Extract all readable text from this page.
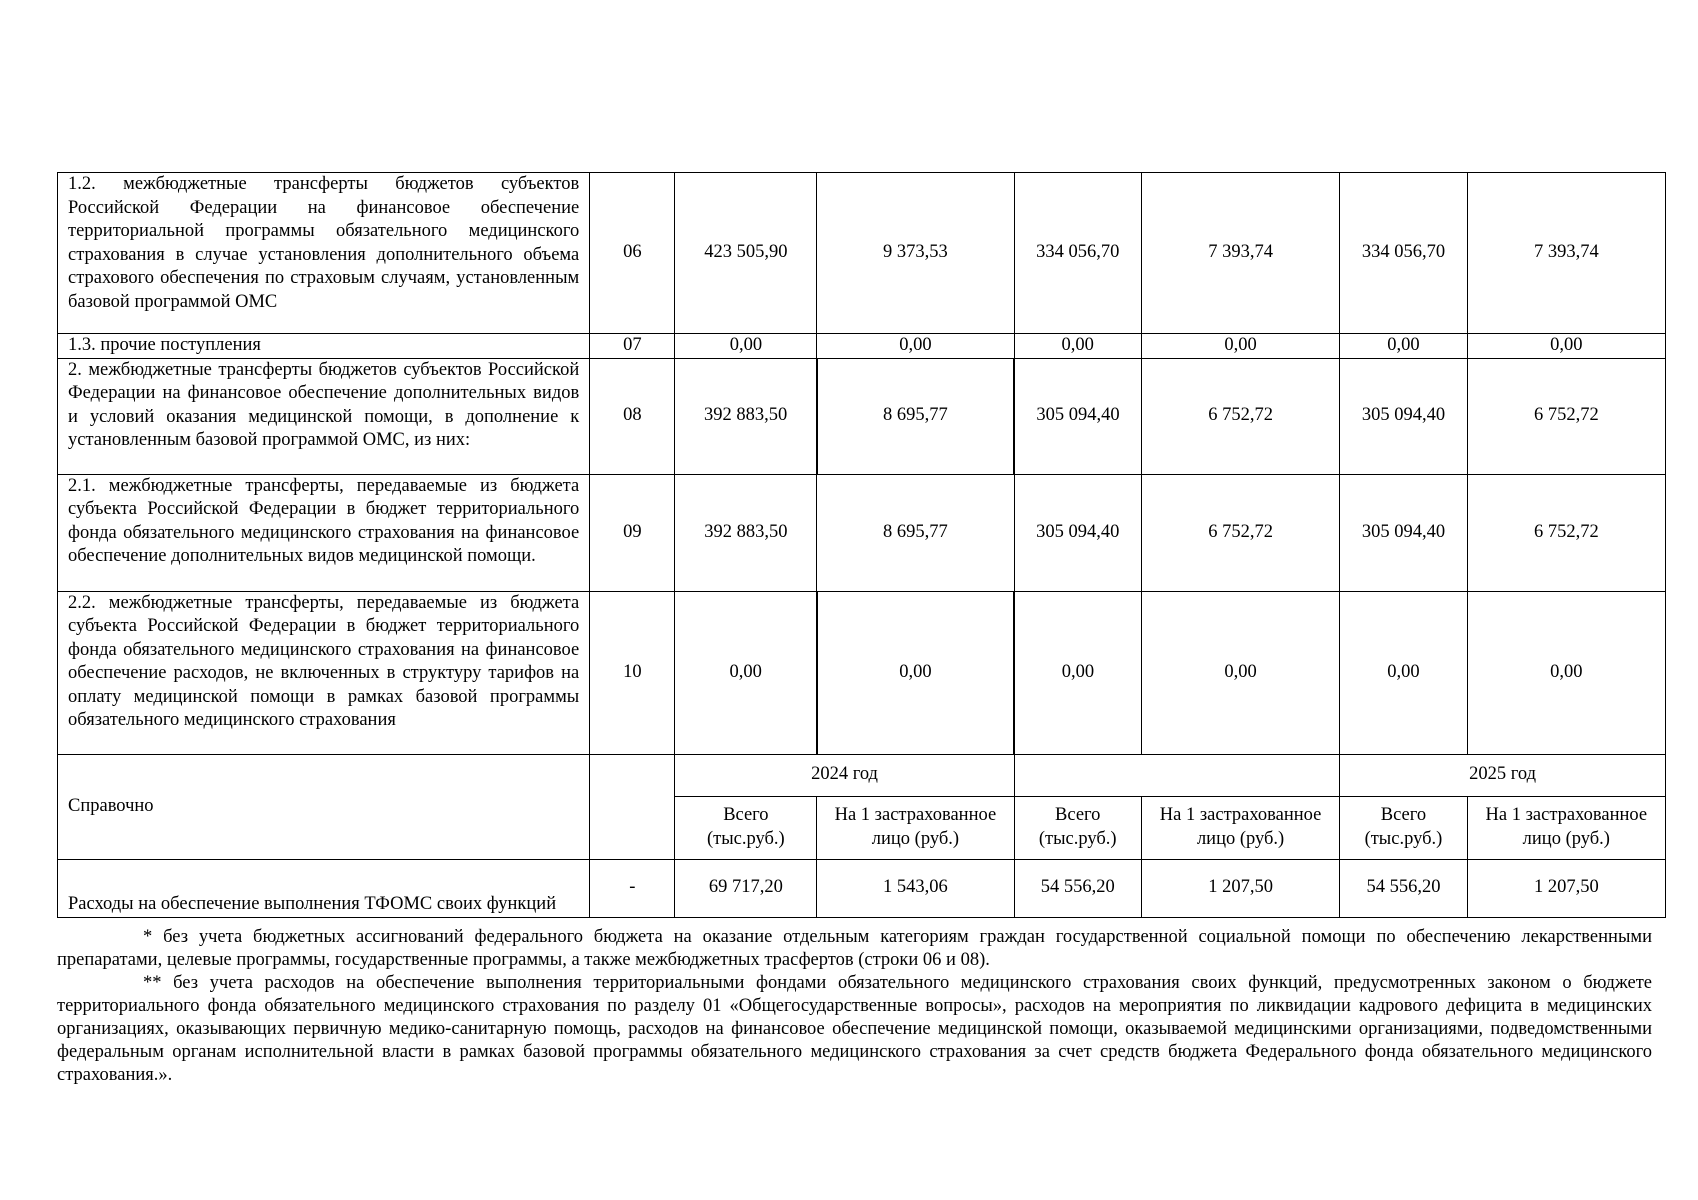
1.2. межбюджетные трансферты бюджетов субъектов Российской Федерации на финансовое обеспечение территориальной программы обязательного медицинского страхования в случае установления дополнительного объема страхового обеспечения по страховым случаям, установленным базовой программой ОМС	06	423 505,90	9 373,53	334 056,70	7 393,74	334 056,70	7 393,74
1.3. прочие поступления	07	0,00	0,00	0,00	0,00	0,00	0,00
2. межбюджетные трансферты бюджетов субъектов Российской Федерации на финансовое обеспечение дополнительных видов и условий оказания медицинской помощи, в дополнение к установленным базовой программой ОМС, из них:	08	392 883,50	8 695,77	305 094,40	6 752,72	305 094,40	6 752,72
2.1. межбюджетные трансферты, передаваемые из бюджета субъекта Российской Федерации в бюджет территориального фонда обязательного медицинского страхования на финансовое обеспечение дополнительных видов медицинской помощи.	09	392 883,50	8 695,77	305 094,40	6 752,72	305 094,40	6 752,72
2.2. межбюджетные трансферты, передаваемые из бюджета субъекта Российской Федерации в бюджет территориального фонда обязательного медицинского страхования на финансовое обеспечение расходов, не включенных в структуру тарифов на оплату медицинской помощи в рамках базовой программы обязательного медицинского страхования	10	0,00	0,00	0,00	0,00	0,00	0,00
Справочно		2024 год				2025 год	
		Всего (тыс.руб.)	На 1 застрахованное лицо (руб.)	Всего (тыс.руб.)	На 1 застрахованное лицо (руб.)	Всего (тыс.руб.)	На 1 застрахованное лицо (руб.)
Расходы на обеспечение выполнения ТФОМС своих функций	-	69 717,20	1 543,06	54 556,20	1 207,50	54 556,20	1 207,50

* без учета бюджетных ассигнований федерального бюджета на оказание отдельным категориям граждан государственной социальной помощи по обеспечению лекарственными препаратами, целевые программы, государственные программы, а также межбюджетных трасфертов (строки 06 и 08).

** без учета расходов на обеспечение выполнения территориальными фондами обязательного медицинского страхования своих функций, предусмотренных законом о бюджете территориального фонда обязательного медицинского страхования по разделу 01 «Общегосударственные вопросы», расходов на мероприятия по ликвидации кадрового дефицита в медицинских организациях, оказывающих первичную медико-санитарную помощь, расходов на финансовое обеспечение медицинской помощи, оказываемой медицинскими организациями, подведомственными федеральным органам исполнительной власти в рамках базовой программы обязательного медицинского страхования за счет средств бюджета Федерального фонда обязательного медицинского страхования.».
